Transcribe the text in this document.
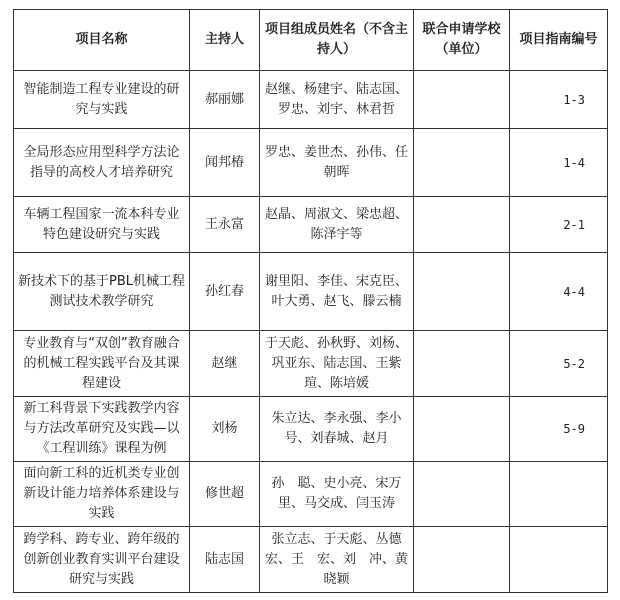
项目名称	主持人	项目组成员姓名（不含主持人）	联合申请学校（单位）	项目指南编号
智能制造工程专业建设的研究与实践	郝丽娜	赵继、杨建宇、陆志国、罗忠、刘宇、林君哲		1-3
全局形态应用型科学方法论指导的高校人才培养研究	闻邦椿	罗忠、姜世杰、孙伟、任朝晖		1-4
车辆工程国家一流本科专业特色建设研究与实践	王永富	赵晶、周淑文、梁忠超、陈泽宇等		2-1
新技术下的基于PBL机械工程测试技术教学研究	孙红春	谢里阳、李佳、宋克臣、叶大勇、赵飞、滕云楠		4-4
专业教育与“双创”教育融合的机械工程实践平台及其课程建设	赵继	于天彪、孙秋野、刘杨、巩亚东、陆志国、王紫瑄、陈培媛		5-2
新工科背景下实践教学内容与方法改革研究及实践—以《工程训练》课程为例	刘杨	朱立达、李永强、李小号、刘春城、赵月		5-9
面向新工科的近机类专业创新设计能力培养体系建设与实践	修世超	孙　聪、史小亮、宋万里、马交成、闫玉涛		
跨学科、跨专业、跨年级的创新创业教育实训平台建设研究与实践	陆志国	张立志、于天彪、丛德宏、王　宏、刘　冲、黄晓颖		
